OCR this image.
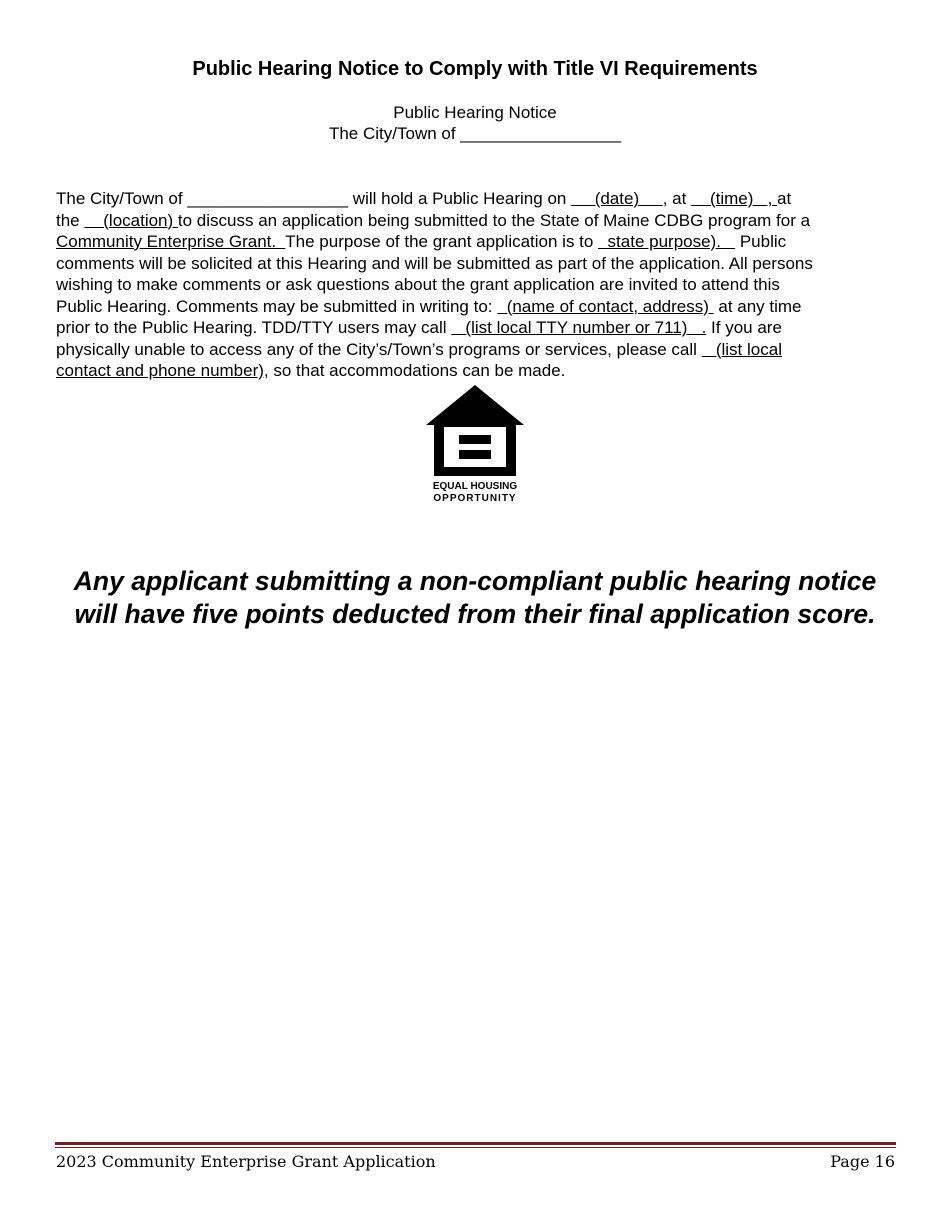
Public Hearing Notice to Comply with Title VI Requirements
Public Hearing Notice
The City/Town of _________________
The City/Town of _________________ will hold a Public Hearing on      (date)     , at     (time)   , at
the     (location) to discuss an application being submitted to the State of Maine CDBG program for a
Community Enterprise Grant.  The purpose of the grant application is to   state purpose).    Public
comments will be solicited at this Hearing and will be submitted as part of the application. All persons
wishing to make comments or ask questions about the grant application are invited to attend this
Public Hearing. Comments may be submitted in writing to:   (name of contact, address)  at any time
prior to the Public Hearing. TDD/TTY users may call    (list local TTY number or 711)   . If you are
physically unable to access any of the City’s/Town’s programs or services, please call    (list local
contact and phone number), so that accommodations can be made.
EQUAL HOUSING
OPPORTUNITY
Any applicant submitting a non-compliant public hearing notice will have five points deducted from their final application score.
2023 Community Enterprise Grant Application	Page 16
